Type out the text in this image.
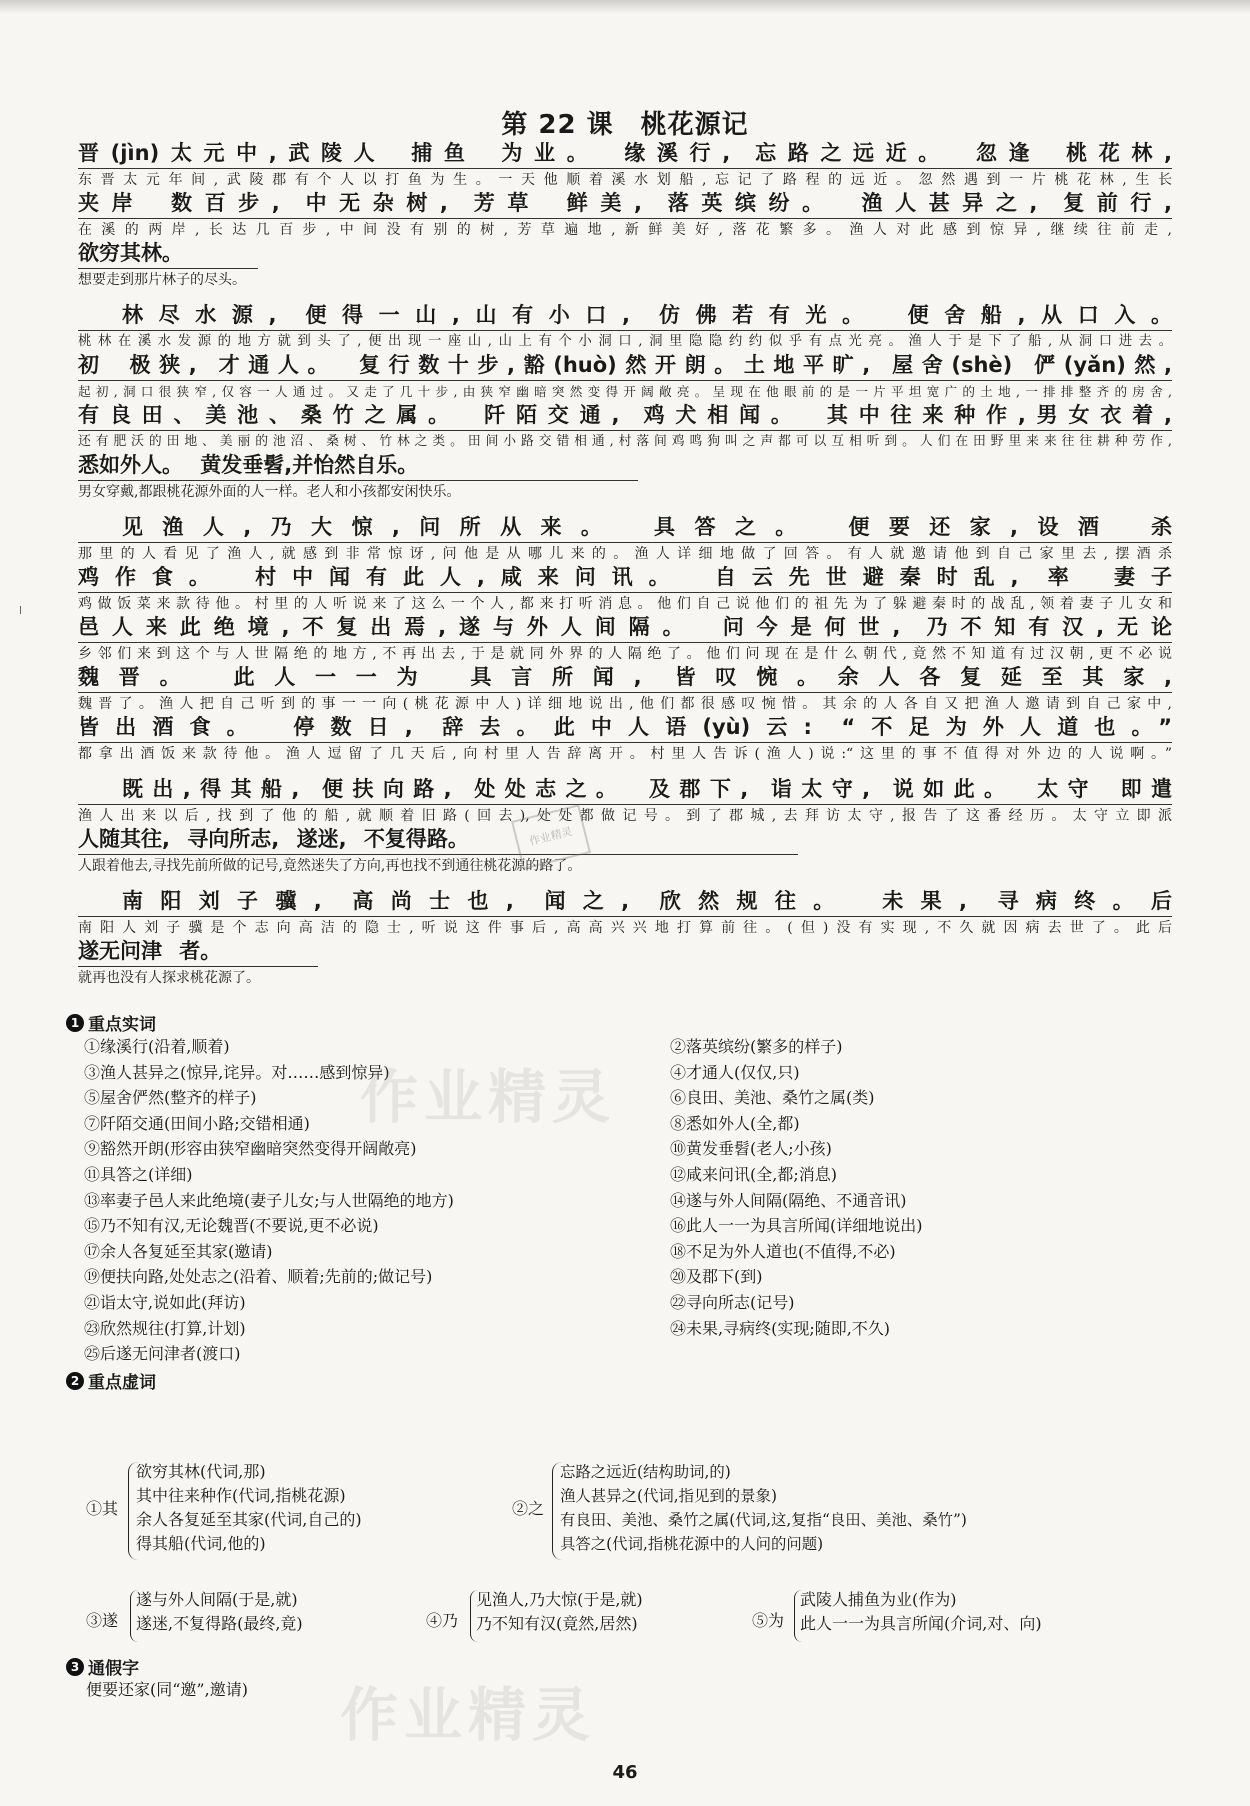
第 22 课　桃花源记
晋(jìn)太元中,武陵人 捕鱼 为业。 缘溪行, 忘路之远近。 忽逢 桃花林,
东晋太元年间,武陵郡有个人以打鱼为生。一天他顺着溪水划船,忘记了路程的远近。忽然遇到一片桃花林,生长
夹岸 数百步, 中无杂树, 芳草 鲜美, 落英缤纷。 渔人甚异之, 复前行,
在溪的两岸,长达几百步,中间没有别的树,芳草遍地,新鲜美好,落花繁多。渔人对此感到惊异,继续往前走,
欲穷其林。
想要走到那片林子的尽头。
林尽水源, 便得一山,山有小口, 仿佛若有光。 便舍船,从口入。
桃林在溪水发源的地方就到头了,便出现一座山,山上有个小洞口,洞里隐隐约约似乎有点光亮。渔人于是下了船,从洞口进去。
初 极狭, 才通人。 复行数十步,豁(huò)然开朗。土地平旷, 屋舍(shè) 俨(yǎn)然,
起初,洞口很狭窄,仅容一人通过。又走了几十步,由狭窄幽暗突然变得开阔敞亮。呈现在他眼前的是一片平坦宽广的土地,一排排整齐的房舍,
有良田、美池、桑竹之属。 阡陌交通, 鸡犬相闻。 其中往来种作,男女衣着,
还有肥沃的田地、美丽的池沼、桑树、竹林之类。田间小路交错相通,村落间鸡鸣狗叫之声都可以互相听到。人们在田野里来来往往耕种劳作,
悉如外人。 黄发垂髫,并怡然自乐。
男女穿戴,都跟桃花源外面的人一样。老人和小孩都安闲快乐。
见渔人,乃大惊,问所从来。 具答之。 便要还家,设酒 杀
那里的人看见了渔人,就感到非常惊讶,问他是从哪儿来的。渔人详细地做了回答。有人就邀请他到自己家里去,摆酒杀
鸡作食。 村中闻有此人,咸来问讯。 自云先世避秦时乱, 率 妻子
鸡做饭菜来款待他。村里的人听说来了这么一个人,都来打听消息。他们自己说他们的祖先为了躲避秦时的战乱,领着妻子儿女和
邑人来此绝境,不复出焉,遂与外人间隔。 问今是何世, 乃不知有汉,无论
乡邻们来到这个与人世隔绝的地方,不再出去,于是就同外界的人隔绝了。他们问现在是什么朝代,竟然不知道有过汉朝,更不必说
魏晋。 此人一一为 具言所闻, 皆叹惋。余人各复延至其家,
魏晋了。渔人把自己听到的事一一向(桃花源中人)详细地说出,他们都很感叹惋惜。其余的人各自又把渔人邀请到自己家中,
皆出酒食。 停数日, 辞去。此中人语(yù)云: “不足为外人道也。”
都拿出酒饭来款待他。渔人逗留了几天后,向村里人告辞离开。村里人告诉(渔人)说:“这里的事不值得对外边的人说啊。”
既出,得其船, 便扶向路, 处处志之。 及郡下, 诣太守, 说如此。 太守 即遣
渔人出来以后,找到了他的船,就顺着旧路(回去),处处都做记号。到了郡城,去拜访太守,报告了这番经历。太守立即派
人随其往, 寻向所志, 遂迷, 不复得路。
人跟着他去,寻找先前所做的记号,竟然迷失了方向,再也找不到通往桃花源的路了。
南阳刘子骥, 高尚士也, 闻之, 欣然规往。 未果, 寻病终。后
南阳人刘子骥是个志向高洁的隐士,听说这件事后,高高兴兴地打算前往。(但)没有实现,不久就因病去世了。此后
遂无问津 者。
就再也没有人探求桃花源了。
作业精灵
1 重点实词
①缘溪行(沿着,顺着)
③渔人甚异之(惊异,诧异。对……感到惊异)
⑤屋舍俨然(整齐的样子)
⑦阡陌交通(田间小路;交错相通)
⑨豁然开朗(形容由狭窄幽暗突然变得开阔敞亮)
⑪具答之(详细)
⑬率妻子邑人来此绝境(妻子儿女;与人世隔绝的地方)
⑮乃不知有汉,无论魏晋(不要说,更不必说)
⑰余人各复延至其家(邀请)
⑲便扶向路,处处志之(沿着、顺着;先前的;做记号)
㉑诣太守,说如此(拜访)
㉓欣然规往(打算,计划)
㉕后遂无问津者(渡口)
②落英缤纷(繁多的样子)
④才通人(仅仅,只)
⑥良田、美池、桑竹之属(类)
⑧悉如外人(全,都)
⑩黄发垂髫(老人;小孩)
⑫咸来问讯(全,都;消息)
⑭遂与外人间隔(隔绝、不通音讯)
⑯此人一一为具言所闻(详细地说出)
⑱不足为外人道也(不值得,不必)
⑳及郡下(到)
㉒寻向所志(记号)
㉔未果,寻病终(实现;随即,不久)
作业精灵
2 重点虚词
①其
欲穷其林(代词,那)
其中往来种作(代词,指桃花源)
余人各复延至其家(代词,自己的)
得其船(代词,他的)
②之
忘路之远近(结构助词,的)
渔人甚异之(代词,指见到的景象)
有良田、美池、桑竹之属(代词,这,复指“良田、美池、桑竹”)
具答之(代词,指桃花源中的人问的问题)
③遂
遂与外人间隔(于是,就)
遂迷,不复得路(最终,竟)	④乃
见渔人,乃大惊(于是,就)
乃不知有汉(竟然,居然)	⑤为
武陵人捕鱼为业(作为)
此人一一为具言所闻(介词,对、向)
3 通假字
便要还家(同“邀”,邀请) 作业精灵
46
